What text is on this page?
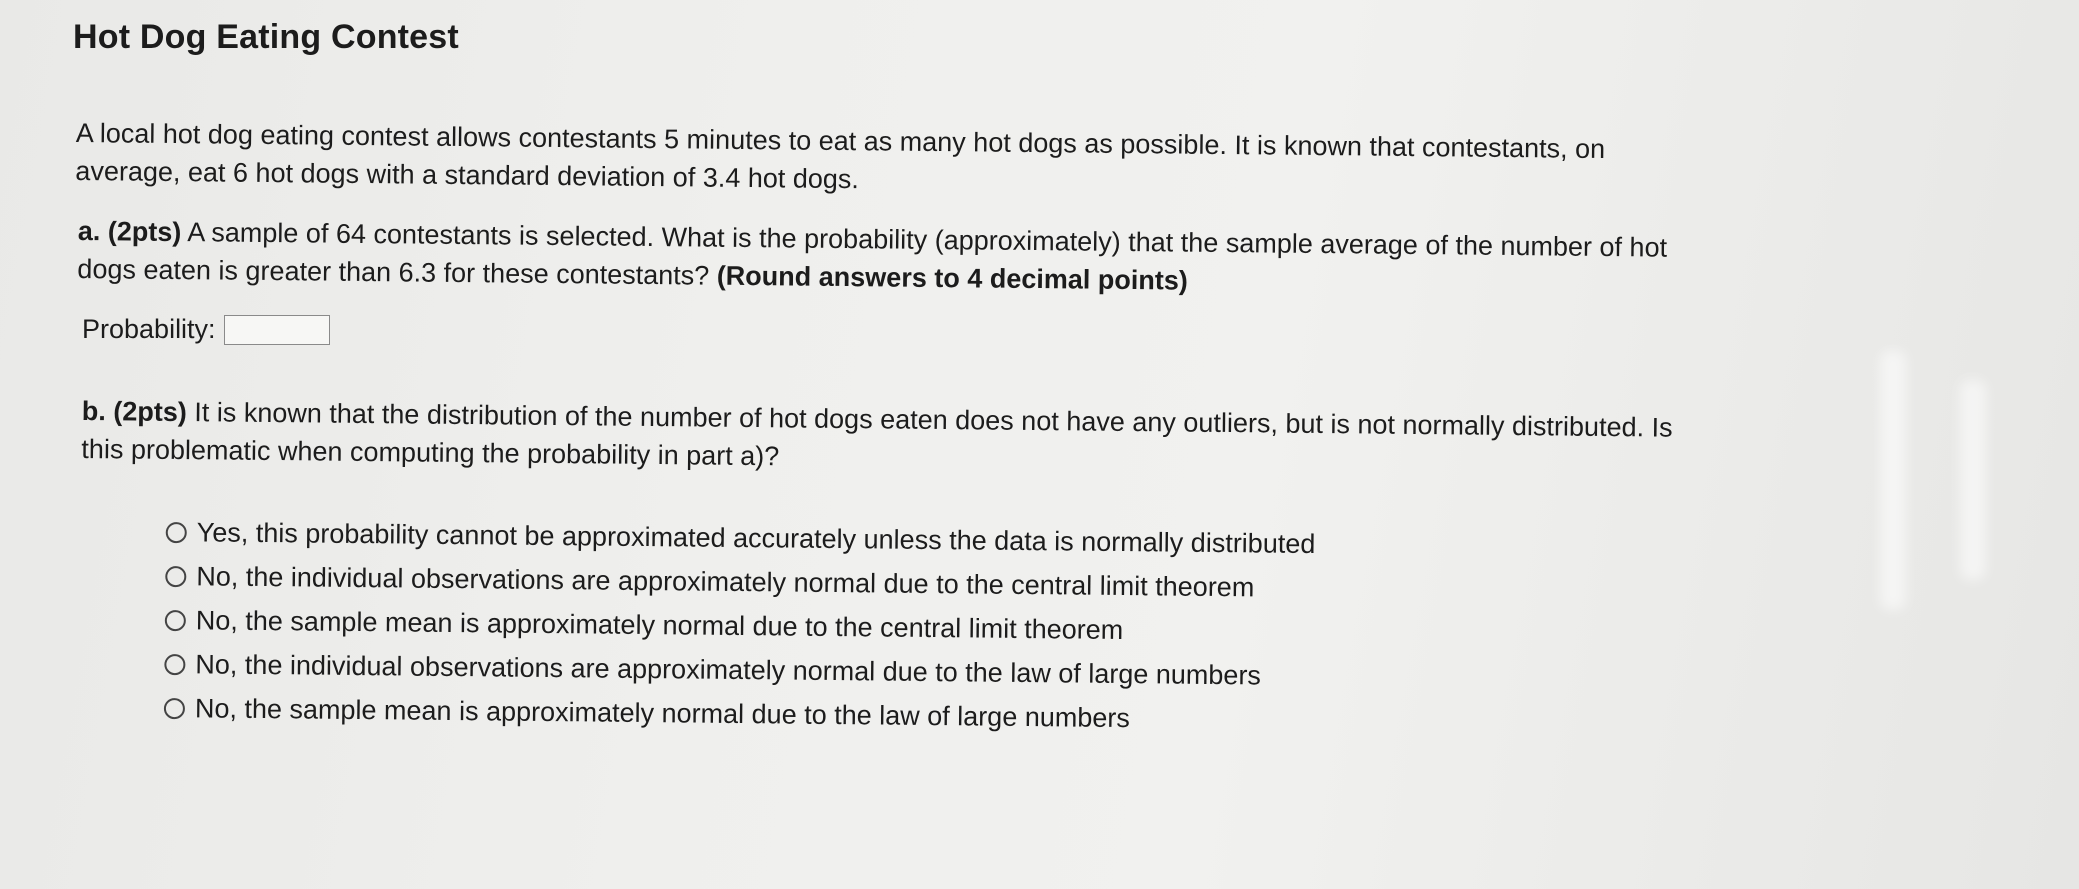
Hot Dog Eating Contest
A local hot dog eating contest allows contestants 5 minutes to eat as many hot dogs as possible. It is known that contestants, on
average, eat 6 hot dogs with a standard deviation of 3.4 hot dogs.
a. (2pts) A sample of 64 contestants is selected. What is the probability (approximately) that the sample average of the number of hot
dogs eaten is greater than 6.3 for these contestants? (Round answers to 4 decimal points)
Probability:
b. (2pts) It is known that the distribution of the number of hot dogs eaten does not have any outliers, but is not normally distributed. Is
this problematic when computing the probability in part a)?
Yes, this probability cannot be approximated accurately unless the data is normally distributed
No, the individual observations are approximately normal due to the central limit theorem
No, the sample mean is approximately normal due to the central limit theorem
No, the individual observations are approximately normal due to the law of large numbers
No, the sample mean is approximately normal due to the law of large numbers
